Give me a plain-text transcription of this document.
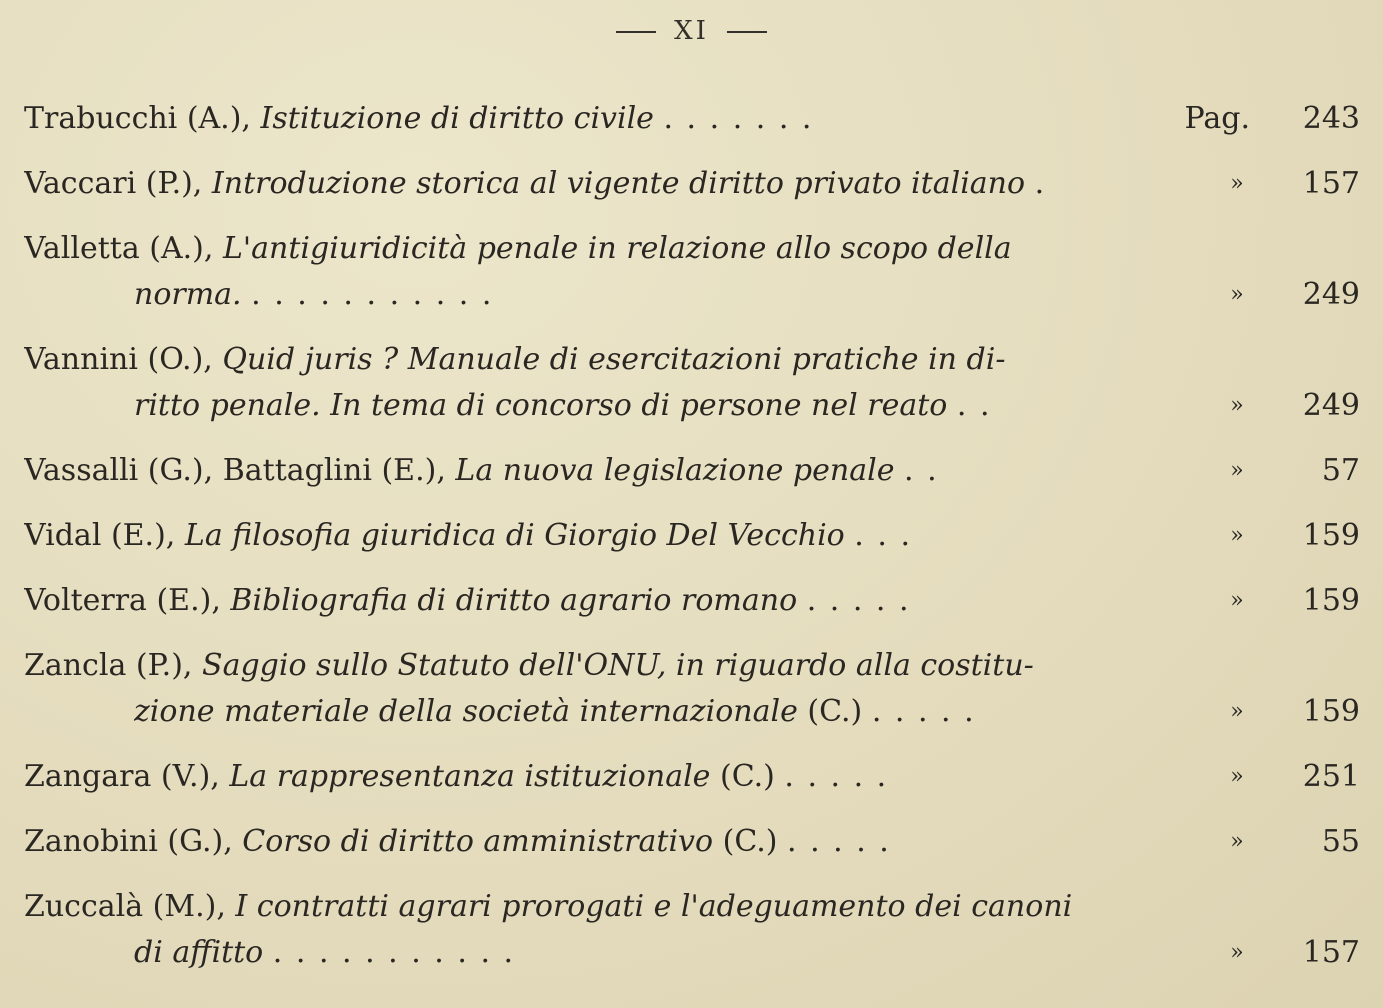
XI
Trabucchi (A.), Istituzione di diritto civile . . . . . . .	Pag.	243
Vaccari (P.), Introduzione storica al vigente diritto privato italiano .	»	157
Valletta (A.), L'antigiuridicità penale in relazione allo scopo della
norma. . . . . . . . . . . .	»	249
Vannini (O.), Quid juris ? Manuale di esercitazioni pratiche in di-
ritto penale. In tema di concorso di persone nel reato . .	»	249
Vassalli (G.), Battaglini (E.), La nuova legislazione penale . .	»	57
Vidal (E.), La filosofia giuridica di Giorgio Del Vecchio . . .	»	159
Volterra (E.), Bibliografia di diritto agrario romano . . . . .	»	159
Zancla (P.), Saggio sullo Statuto dell'ONU, in riguardo alla costitu-
zione materiale della società internazionale (C.) . . . . .	»	159
Zangara (V.), La rappresentanza istituzionale (C.) . . . . .	»	251
Zanobini (G.), Corso di diritto amministrativo (C.) . . . . .	»	55
Zuccalà (M.), I contratti agrari prorogati e l'adeguamento dei canoni
di affitto . . . . . . . . . . .	»	157
